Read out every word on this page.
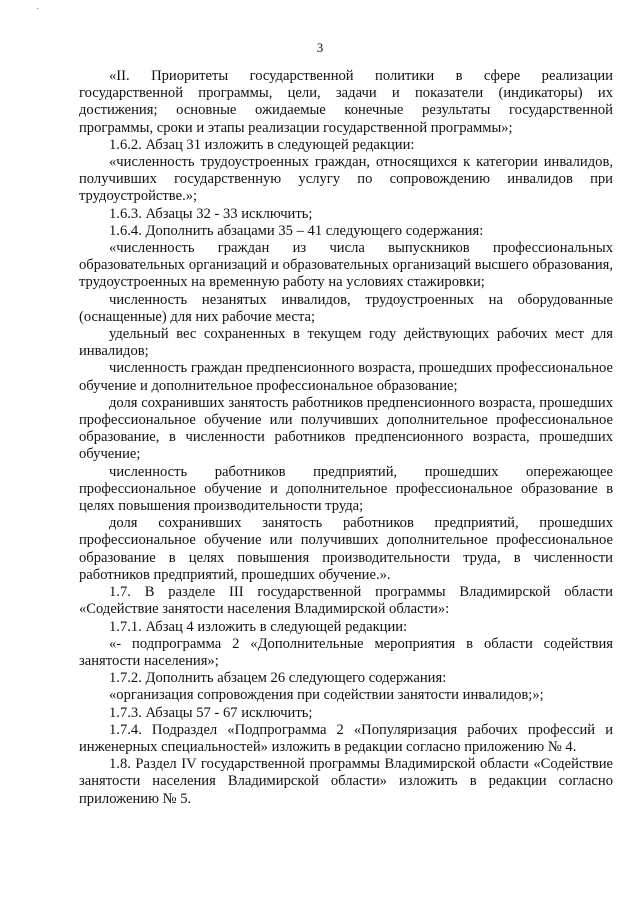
·
3

«II. Приоритеты государственной политики в сфере реализации государственной программы, цели, задачи и показатели (индикаторы) их достижения; основные ожидаемые конечные результаты государственной программы, сроки и этапы реализации государственной программы»;

1.6.2. Абзац 31 изложить в следующей редакции:

«численность трудоустроенных граждан, относящихся к категории инвалидов, получивших государственную услугу по сопровождению инвалидов при трудоустройстве.»;

1.6.3. Абзацы 32 - 33 исключить;

1.6.4. Дополнить абзацами 35 – 41 следующего содержания:

«численность граждан из числа выпускников профессиональных образовательных организаций и образовательных организаций высшего образования, трудоустроенных на временную работу на условиях стажировки;

численность незанятых инвалидов, трудоустроенных на оборудованные (оснащенные) для них рабочие места;

удельный вес сохраненных в текущем году действующих рабочих мест для инвалидов;

численность граждан предпенсионного возраста, прошедших профессиональное обучение и дополнительное профессиональное образование;

доля сохранивших занятость работников предпенсионного возраста, прошедших профессиональное обучение или получивших дополнительное профессиональное образование, в численности работников предпенсионного возраста, прошедших обучение;

численность работников предприятий, прошедших опережающее профессиональное обучение и дополнительное профессиональное образование в целях повышения производительности труда;

доля сохранивших занятость работников предприятий, прошедших профессиональное обучение или получивших дополнительное профессиональное образование в целях повышения производительности труда, в численности работников предприятий, прошедших обучение.».

1.7. В разделе III государственной программы Владимирской области «Содействие занятости населения Владимирской области»:

1.7.1. Абзац 4 изложить в следующей редакции:

«- подпрограмма 2 «Дополнительные мероприятия в области содействия занятости населения»;

1.7.2. Дополнить абзацем 26 следующего содержания:

«организация сопровождения при содействии занятости инвалидов;»;

1.7.3. Абзацы 57 - 67 исключить;

1.7.4. Подраздел «Подпрограмма 2 «Популяризация рабочих профессий и инженерных специальностей» изложить в редакции согласно приложению № 4.

1.8. Раздел IV государственной программы Владимирской области «Содействие занятости населения Владимирской области» изложить в редакции согласно приложению № 5.
